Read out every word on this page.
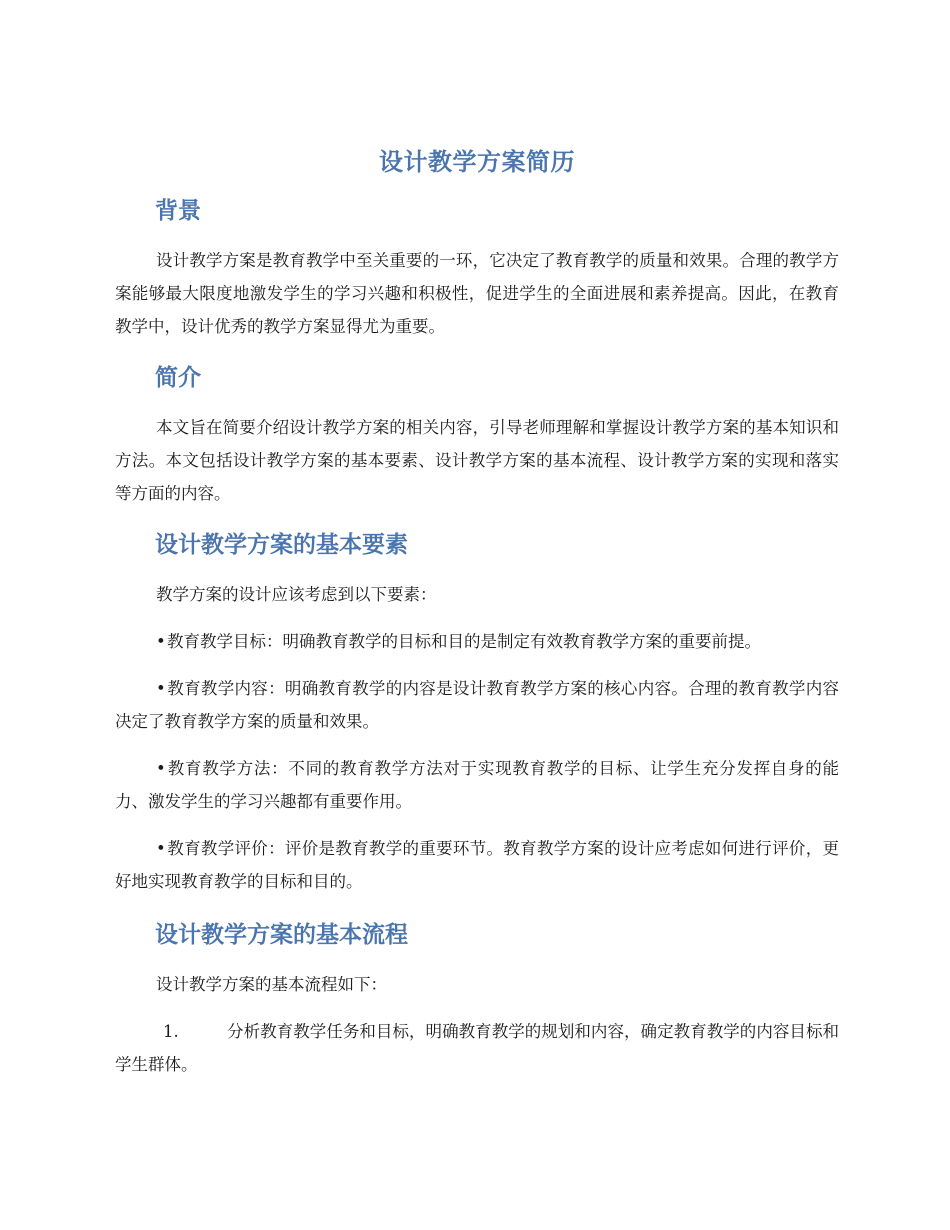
设计教学方案简历
背景

设计教学方案是教育教学中至关重要的一环，它决定了教育教学的质量和效果。合理的教学方案能够最大限度地激发学生的学习兴趣和积极性，促进学生的全面进展和素养提高。因此，在教育教学中，设计优秀的教学方案显得尤为重要。

简介

本文旨在简要介绍设计教学方案的相关内容，引导老师理解和掌握设计教学方案的基本知识和方法。本文包括设计教学方案的基本要素、设计教学方案的基本流程、设计教学方案的实现和落实等方面的内容。

设计教学方案的基本要素

教学方案的设计应该考虑到以下要素：

•教育教学目标：明确教育教学的目标和目的是制定有效教育教学方案的重要前提。

•教育教学内容：明确教育教学的内容是设计教育教学方案的核心内容。合理的教育教学内容决定了教育教学方案的质量和效果。

•教育教学方法：不同的教育教学方法对于实现教育教学的目标、让学生充分发挥自身的能力、激发学生的学习兴趣都有重要作用。

•教育教学评价：评价是教育教学的重要环节。教育教学方案的设计应考虑如何进行评价，更好地实现教育教学的目标和目的。

设计教学方案的基本流程

设计教学方案的基本流程如下：

1.	分析教育教学任务和目标，明确教育教学的规划和内容，确定教育教学的内容目标和学生群体。
